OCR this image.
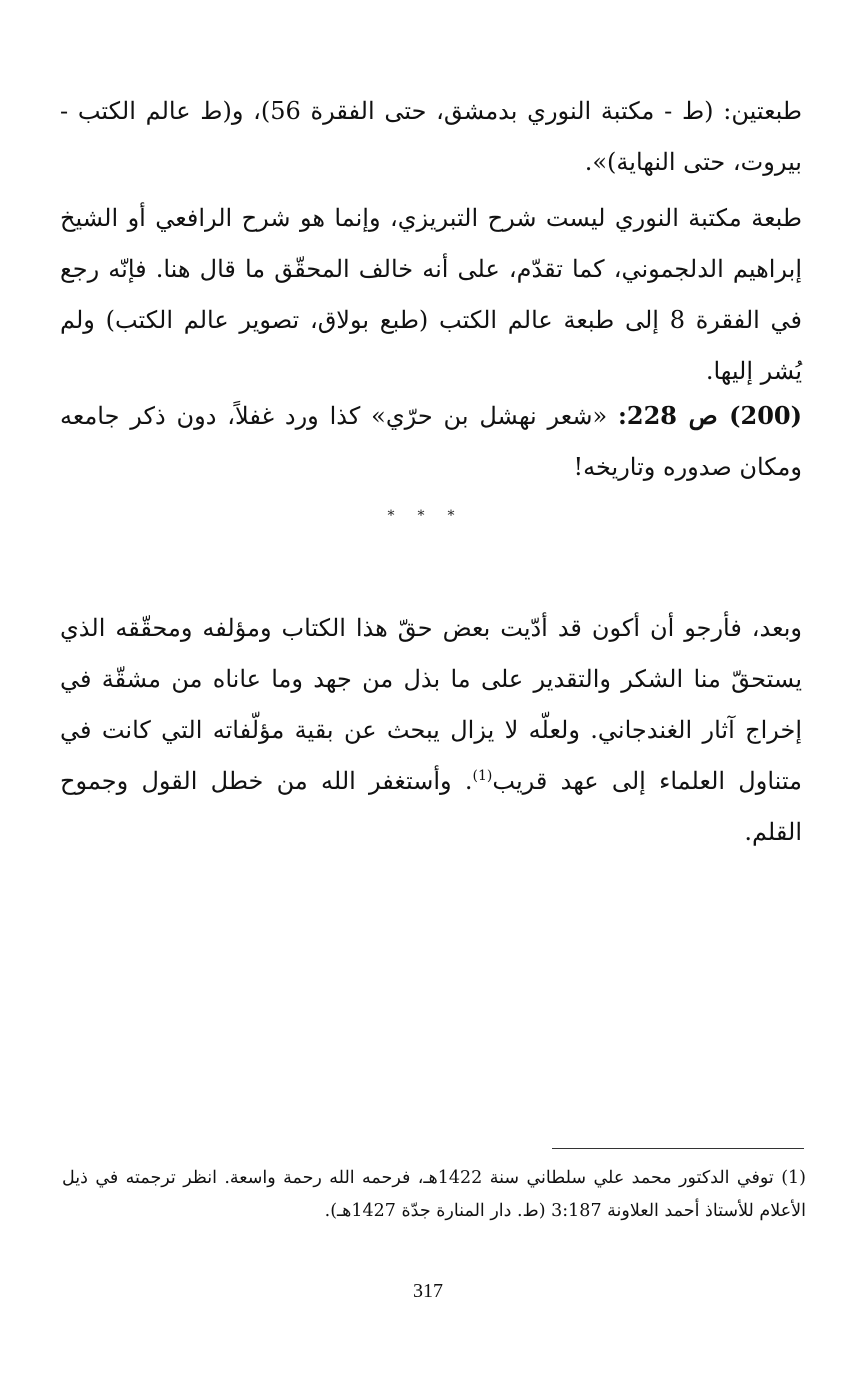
طبعتين: (ط - مكتبة النوري بدمشق، حتى الفقرة 56)، و(ط عالم الكتب - بيروت، حتى النهاية)».

طبعة مكتبة النوري ليست شرح التبريزي، وإنما هو شرح الرافعي أو الشيخ إبراهيم الدلجموني، كما تقدّم، على أنه خالف المحقّق ما قال هنا. فإنّه رجع في الفقرة 8 إلى طبعة عالم الكتب (طبع بولاق، تصوير عالم الكتب) ولم يُشر إليها.

(200) ص 228: «شعر نهشل بن حرّي» كذا ورد غفلاً، دون ذكر جامعه ومكان صدوره وتاريخه!

* * *

وبعد، فأرجو أن أكون قد أدّيت بعض حقّ هذا الكتاب ومؤلفه ومحقّقه الذي يستحقّ منا الشكر والتقدير على ما بذل من جهد وما عاناه من مشقّة في إخراج آثار الغندجاني. ولعلّه لا يزال يبحث عن بقية مؤلّفاته التي كانت في متناول العلماء إلى عهد قريب$^{(1)}$. وأستغفر الله من خطل القول وجموح القلم.

(1) توفي الدكتور محمد علي سلطاني سنة 1422هـ، فرحمه الله رحمة واسعة. انظر ترجمته في ذيل الأعلام للأستاذ أحمد العلاونة 3:187 (ط. دار المنارة جدّة 1427هـ).

317
